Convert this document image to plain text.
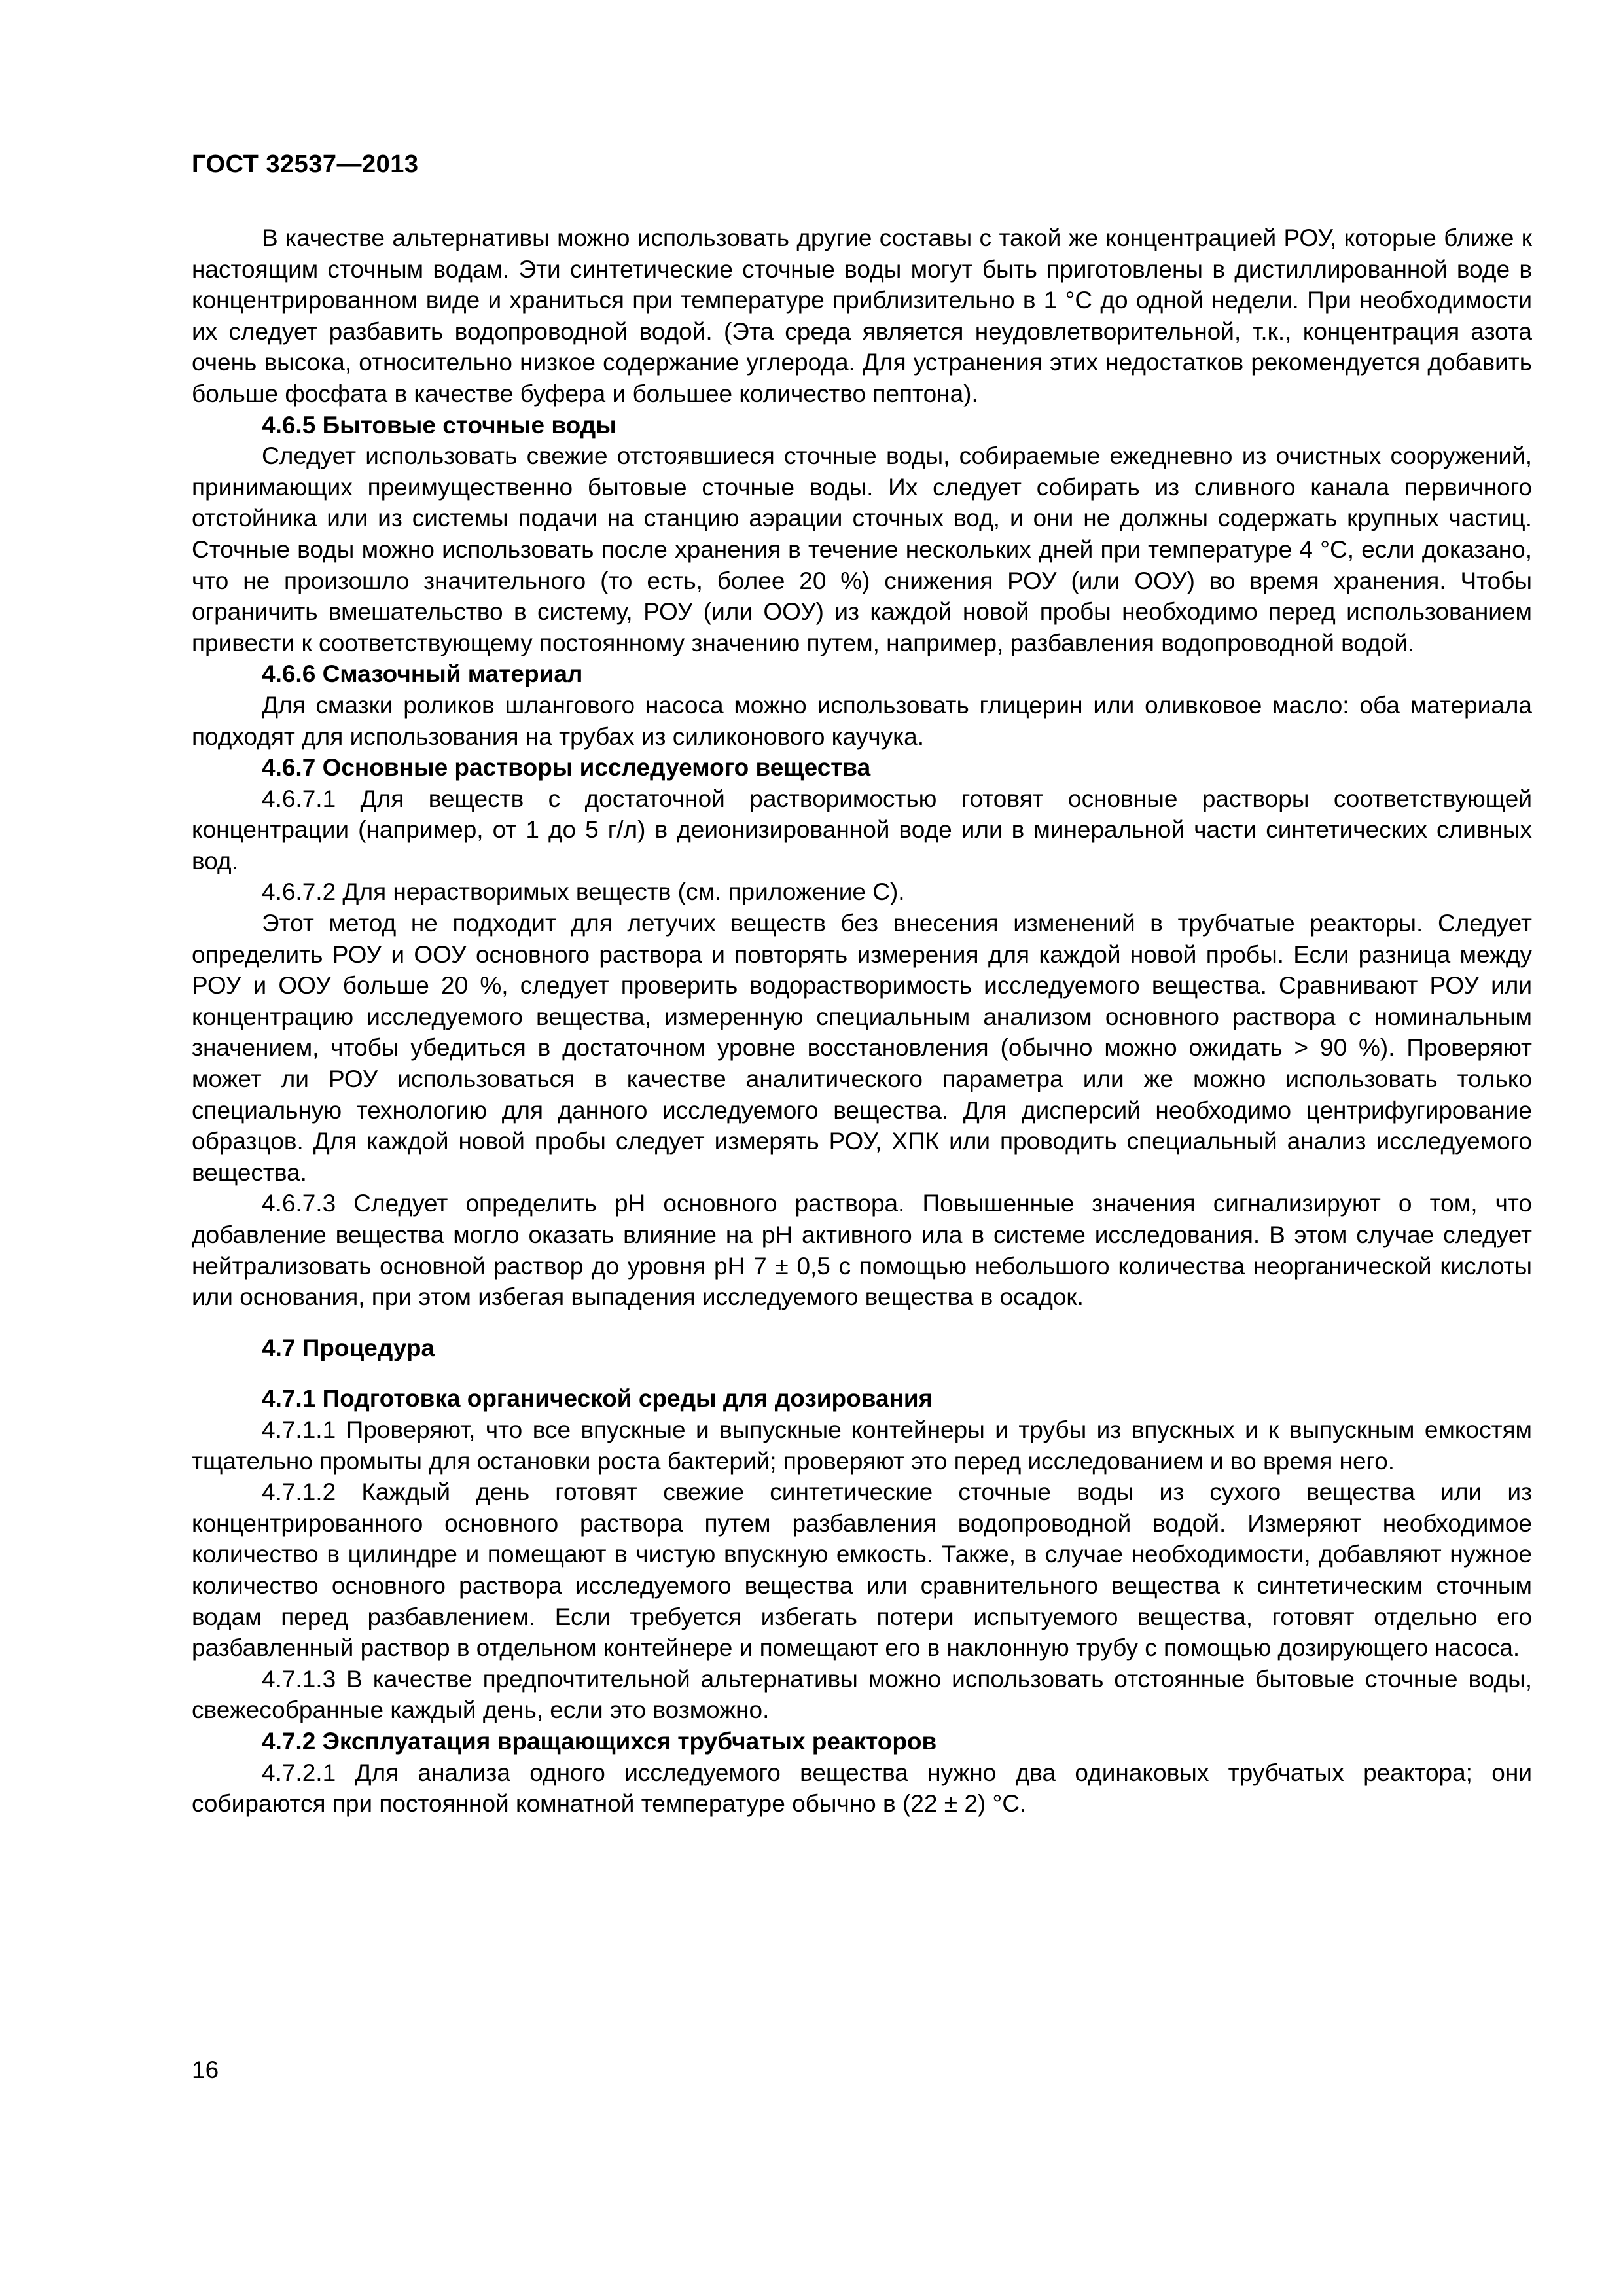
ГОСТ 32537—2013

В качестве альтернативы можно использовать другие составы с такой же концентрацией РОУ, которые ближе к настоящим сточным водам. Эти синтетические сточные воды могут быть приготовлены в дистиллированной воде в концентрированном виде и храниться при температуре приблизительно в 1 °С до одной недели. При необходимости их следует разбавить водопроводной водой. (Эта среда является неудовлетворительной, т.к., концентрация азота очень высока, относительно низкое содержание углерода. Для устранения этих недостатков рекомендуется добавить больше фосфата в качестве буфера и большее количество пептона).

4.6.5 Бытовые сточные воды

Следует использовать свежие отстоявшиеся сточные воды, собираемые ежедневно из очистных сооружений, принимающих преимущественно бытовые сточные воды. Их следует собирать из сливного канала первичного отстойника или из системы подачи на станцию аэрации сточных вод, и они не должны содержать крупных частиц. Сточные воды можно использовать после хранения в течение нескольких дней при температуре 4 °С, если доказано, что не произошло значительного (то есть, более 20 %) снижения РОУ (или ООУ) во время хранения. Чтобы ограничить вмешательство в систему, РОУ (или ООУ) из каждой новой пробы необходимо перед использованием привести к соответствующему постоянному значению путем, например, разбавления водопроводной водой.

4.6.6 Смазочный материал

Для смазки роликов шлангового насоса можно использовать глицерин или оливковое масло: оба материала подходят для использования на трубах из силиконового каучука.

4.6.7 Основные растворы исследуемого вещества

4.6.7.1 Для веществ с достаточной растворимостью готовят основные растворы соответствующей концентрации (например, от 1 до 5 г/л) в деионизированной воде или в минеральной части синтетических сливных вод.

4.6.7.2 Для нерастворимых веществ (см. приложение С).

Этот метод не подходит для летучих веществ без внесения изменений в трубчатые реакторы. Следует определить РОУ и ООУ основного раствора и повторять измерения для каждой новой пробы. Если разница между РОУ и ООУ больше 20 %, следует проверить водорастворимость исследуемого вещества. Сравнивают РОУ или концентрацию исследуемого вещества, измеренную специальным анализом основного раствора с номинальным значением, чтобы убедиться в достаточном уровне восстановления (обычно можно ожидать > 90 %). Проверяют может ли РОУ использоваться в качестве аналитического параметра или же можно использовать только специальную технологию для данного исследуемого вещества. Для дисперсий необходимо центрифугирование образцов. Для каждой новой пробы следует измерять РОУ, ХПК или проводить специальный анализ исследуемого вещества.

4.6.7.3 Следует определить рН основного раствора. Повышенные значения сигнализируют о том, что добавление вещества могло оказать влияние на рН активного ила в системе исследования. В этом случае следует нейтрализовать основной раствор до уровня рН 7 ± 0,5 с помощью небольшого количества неорганической кислоты или основания, при этом избегая выпадения исследуемого вещества в осадок.

4.7 Процедура

4.7.1 Подготовка органической среды для дозирования

4.7.1.1 Проверяют, что все впускные и выпускные контейнеры и трубы из впускных и к выпускным емкостям тщательно промыты для остановки роста бактерий; проверяют это перед исследованием и во время него.

4.7.1.2 Каждый день готовят свежие синтетические сточные воды из сухого вещества или из концентрированного основного раствора путем разбавления водопроводной водой. Измеряют необходимое количество в цилиндре и помещают в чистую впускную емкость. Также, в случае необходимости, добавляют нужное количество основного раствора исследуемого вещества или сравнительного вещества к синтетическим сточным водам перед разбавлением. Если требуется избегать потери испытуемого вещества, готовят отдельно его разбавленный раствор в отдельном контейнере и помещают его в наклонную трубу с помощью дозирующего насоса.

4.7.1.3 В качестве предпочтительной альтернативы можно использовать отстоянные бытовые сточные воды, свежесобранные каждый день, если это возможно.

4.7.2 Эксплуатация вращающихся трубчатых реакторов

4.7.2.1 Для анализа одного исследуемого вещества нужно два одинаковых трубчатых реактора; они собираются при постоянной комнатной температуре обычно в (22 ± 2) °С.

16
